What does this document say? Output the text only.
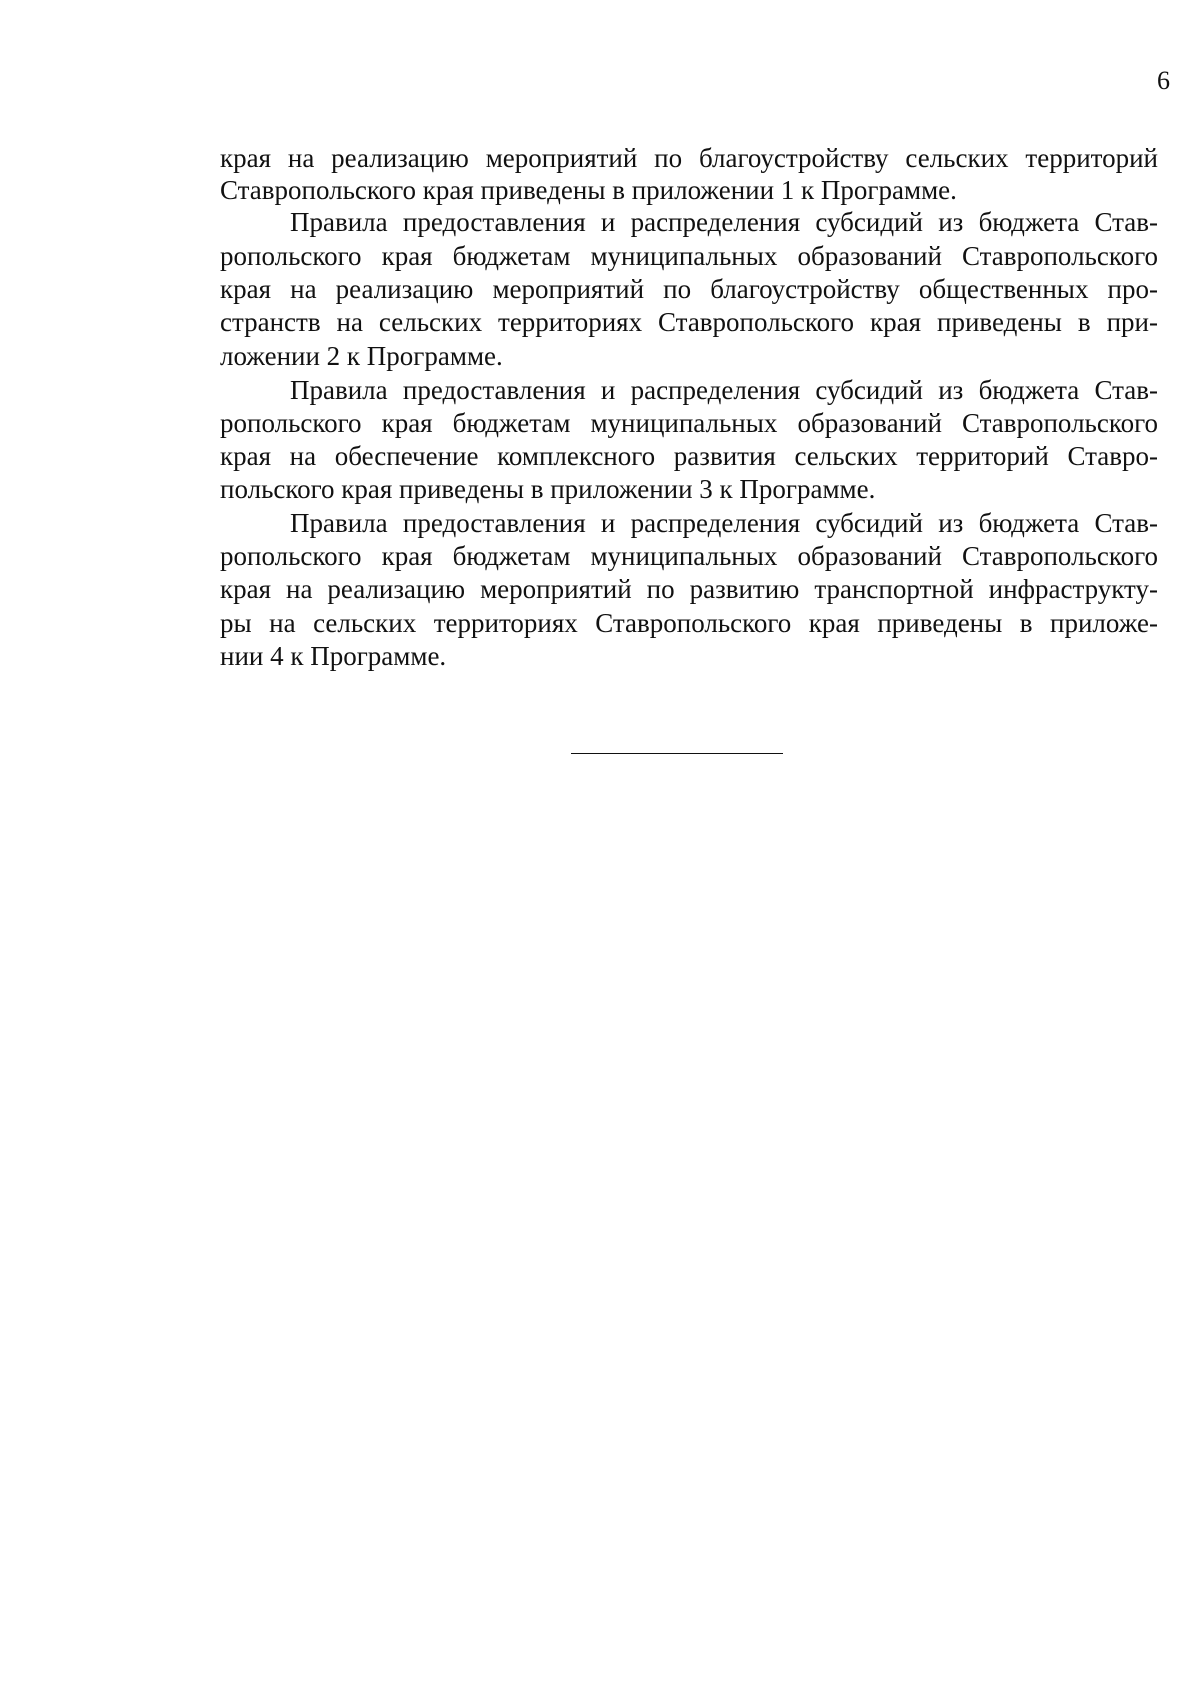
6
края на реализацию мероприятий по благоустройству сельских территорий
Ставропольского края приведены в приложении 1 к Программе.
Правила предоставления и распределения субсидий из бюджета Став-
ропольского края бюджетам муниципальных образований Ставропольского
края на реализацию мероприятий по благоустройству общественных про-
странств на сельских территориях Ставропольского края приведены в при-
ложении 2 к Программе.
Правила предоставления и распределения субсидий из бюджета Став-
ропольского края бюджетам муниципальных образований Ставропольского
края на обеспечение комплексного развития сельских территорий Ставро-
польского края приведены в приложении 3 к Программе.
Правила предоставления и распределения субсидий из бюджета Став-
ропольского края бюджетам муниципальных образований Ставропольского
края на реализацию мероприятий по развитию транспортной инфраструкту-
ры на сельских территориях Ставропольского края приведены в приложе-
нии 4 к Программе.
